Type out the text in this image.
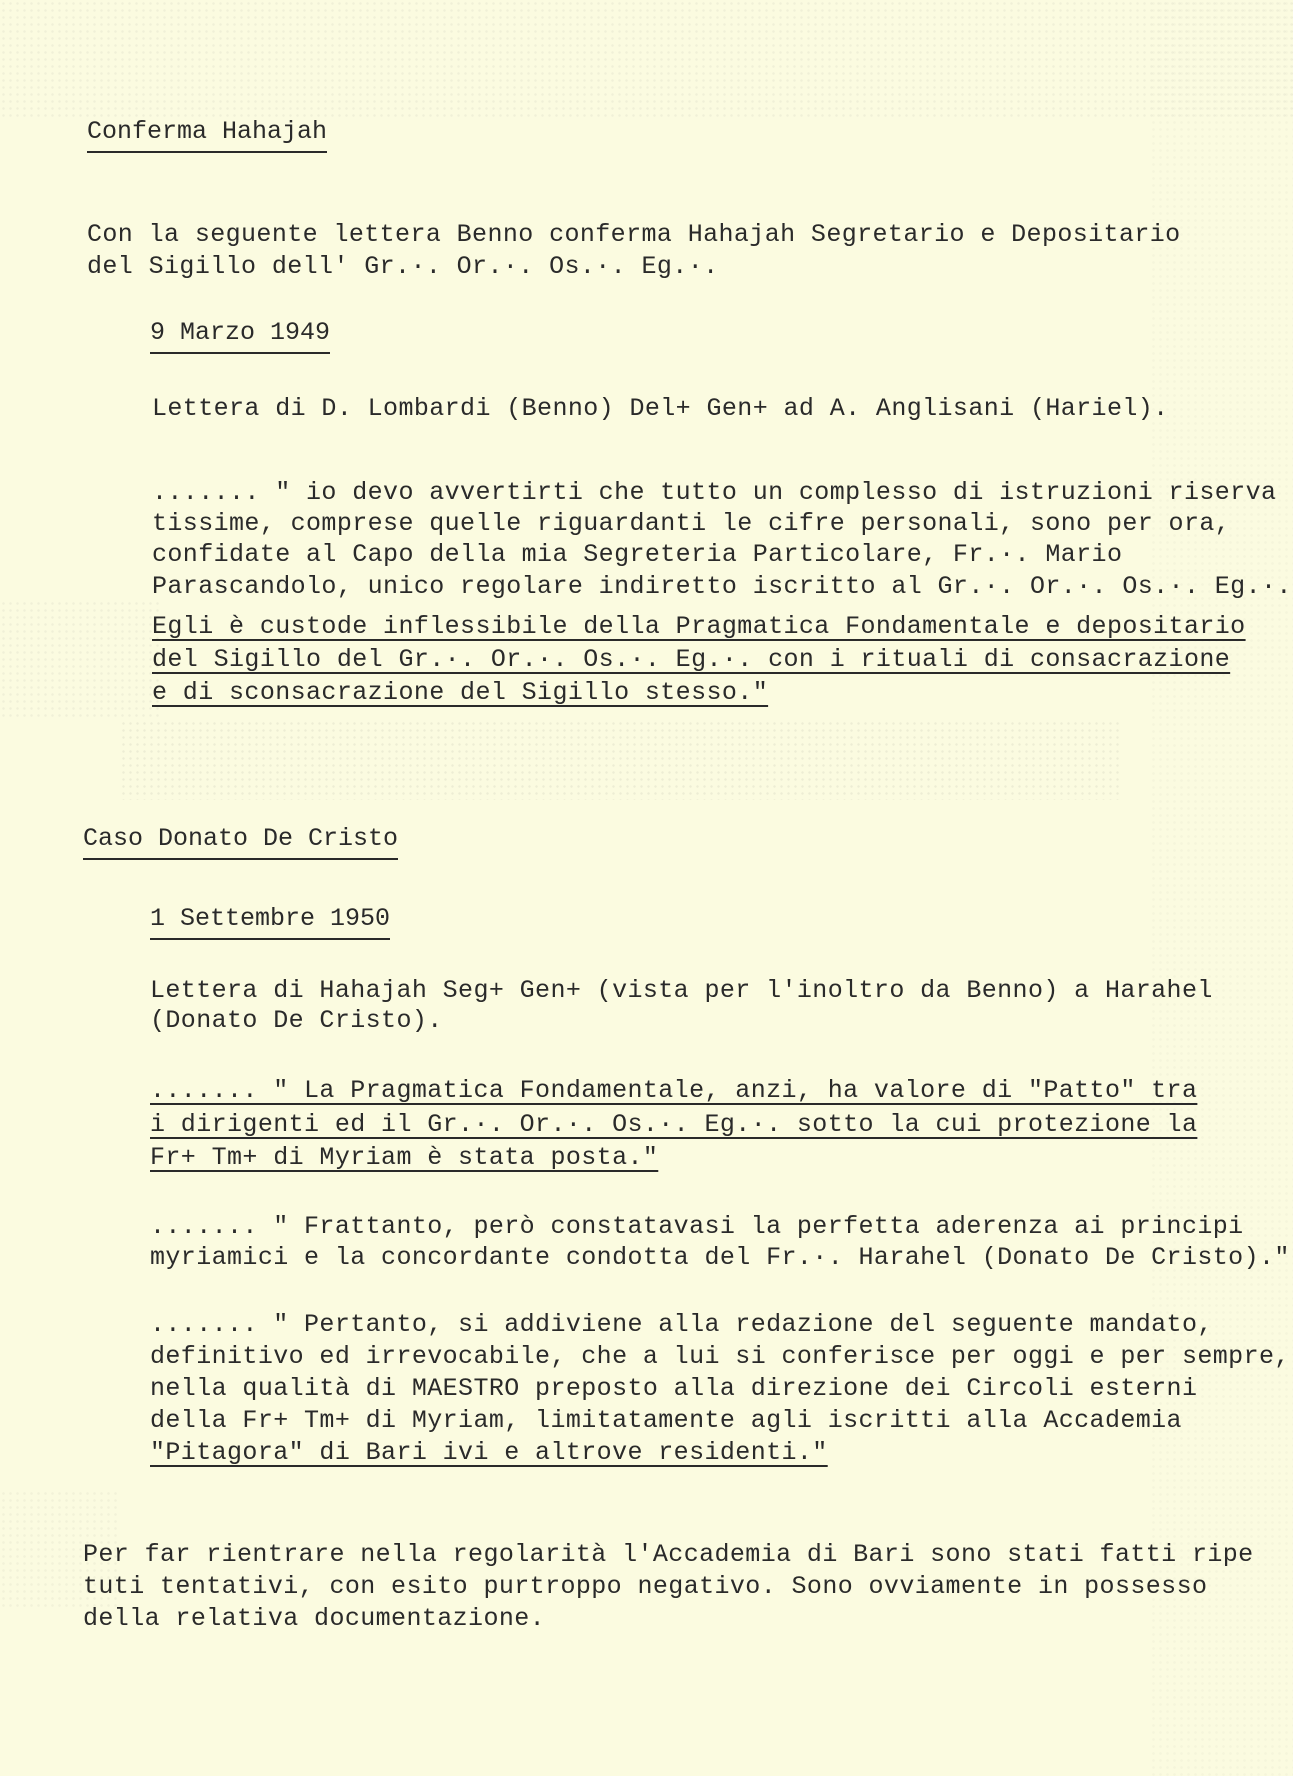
Conferma Hahajah
Con la seguente lettera Benno conferma Hahajah Segretario e Depositario
del Sigillo dell' Gr.·. Or.·. Os.·. Eg.·.
9 Marzo 1949
Lettera di D. Lombardi (Benno) Del+ Gen+ ad A. Anglisani (Hariel).
....... " io devo avvertirti che tutto un complesso di istruzioni riserva
tissime, comprese quelle riguardanti le cifre personali, sono per ora,
confidate al Capo della mia Segreteria Particolare, Fr.·. Mario
Parascandolo, unico regolare indiretto iscritto al Gr.·. Or.·. Os.·. Eg.·.
Egli è custode inflessibile della Pragmatica Fondamentale e depositario
del Sigillo del Gr.·. Or.·. Os.·. Eg.·. con i rituali di consacrazione
e di sconsacrazione del Sigillo stesso."
Caso Donato De Cristo
1 Settembre 1950
Lettera di Hahajah Seg+ Gen+ (vista per l'inoltro da Benno) a Harahel
(Donato De Cristo).
....... " La Pragmatica Fondamentale, anzi, ha valore di "Patto" tra
i dirigenti ed il Gr.·. Or.·. Os.·. Eg.·. sotto la cui protezione la
Fr+ Tm+ di Myriam è stata posta."
....... " Frattanto, però constatavasi la perfetta aderenza ai principi
myriamici e la concordante condotta del Fr.·. Harahel (Donato De Cristo)."
....... " Pertanto, si addiviene alla redazione del seguente mandato,
definitivo ed irrevocabile, che a lui si conferisce per oggi e per sempre,
nella qualità di MAESTRO preposto alla direzione dei Circoli esterni
della Fr+ Tm+ di Myriam, limitatamente agli iscritti alla Accademia
"Pitagora" di Bari ivi e altrove residenti."
Per far rientrare nella regolarità l'Accademia di Bari sono stati fatti ripe
tuti tentativi, con esito purtroppo negativo. Sono ovviamente in possesso
della relativa documentazione.
